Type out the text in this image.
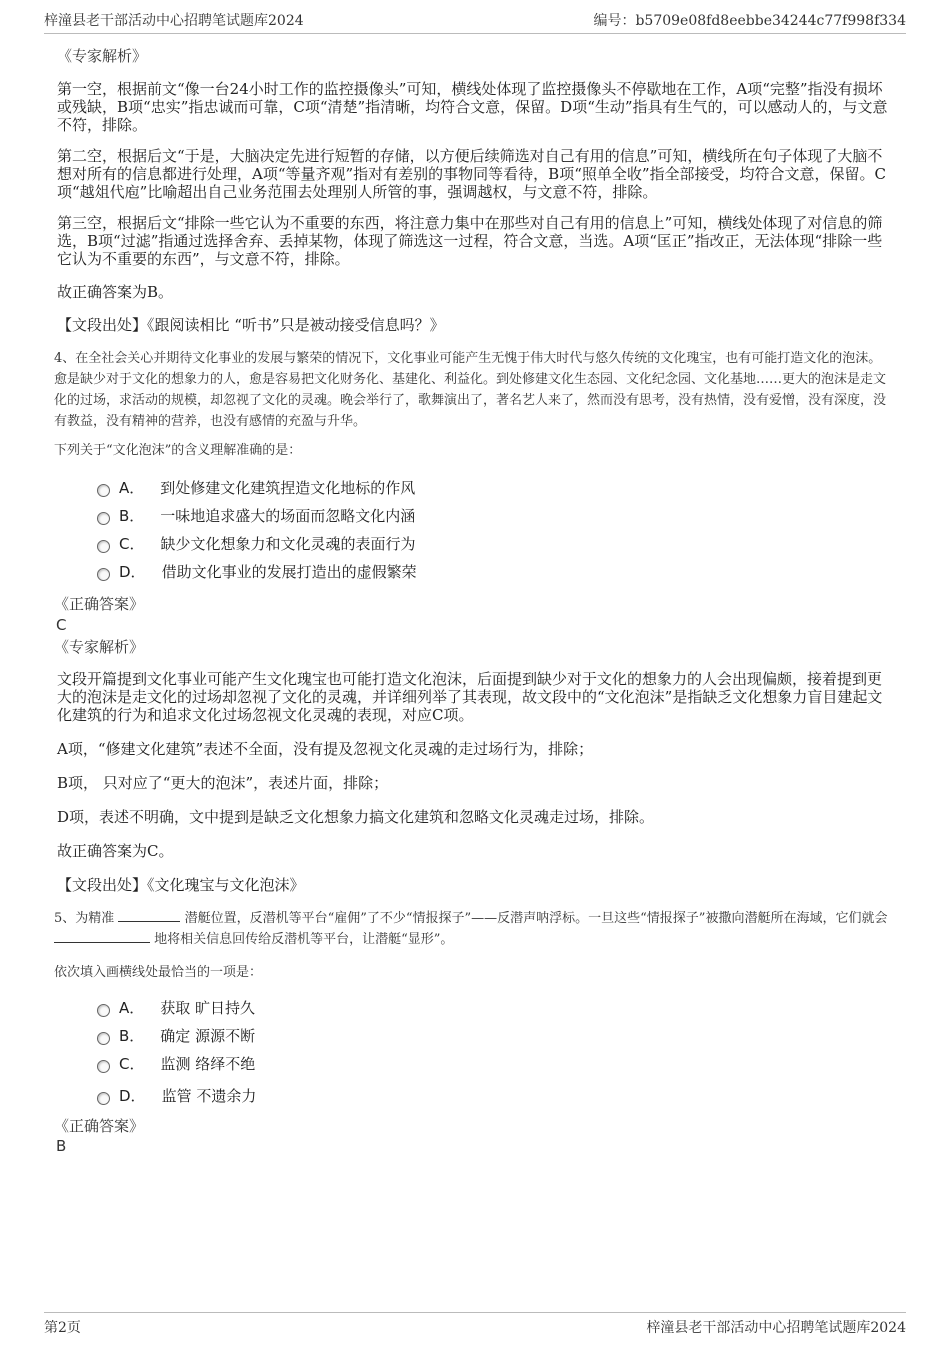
梓潼县老干部活动中心招聘笔试题库2024	编号：b5709e08fd8eebbe34244c77f998f334
《专家解析》

第一空，根据前文“像一台24小时工作的监控摄像头”可知，横线处体现了监控摄像头不停歇地在工作，A项“完整”指没有损坏或残缺，B项“忠实”指忠诚而可靠，C项“清楚”指清晰，均符合文意，保留。D项“生动”指具有生气的，可以感动人的，与文意不符，排除。

第二空，根据后文“于是，大脑决定先进行短暂的存储，以方便后续筛选对自己有用的信息”可知，横线所在句子体现了大脑不想对所有的信息都进行处理，A项“等量齐观”指对有差别的事物同等看待，B项“照单全收”指全部接受，均符合文意，保留。C项“越俎代庖”比喻超出自己业务范围去处理别人所管的事，强调越权，与文意不符，排除。

第三空，根据后文“排除一些它认为不重要的东西，将注意力集中在那些对自己有用的信息上”可知，横线处体现了对信息的筛选，B项“过滤”指通过选择舍弃、丢掉某物，体现了筛选这一过程，符合文意，当选。A项“匡正”指改正，无法体现“排除一些它认为不重要的东西”，与文意不符，排除。

故正确答案为B。

【文段出处】《跟阅读相比 “听书”只是被动接受信息吗？》

4、在全社会关心并期待文化事业的发展与繁荣的情况下，文化事业可能产生无愧于伟大时代与悠久传统的文化瑰宝，也有可能打造文化的泡沫。愈是缺少对于文化的想象力的人，愈是容易把文化财务化、基建化、利益化。到处修建文化生态园、文化纪念园、文化基地……更大的泡沫是走文化的过场，求活动的规模，却忽视了文化的灵魂。晚会举行了，歌舞演出了，著名艺人来了，然而没有思考，没有热情，没有爱憎，没有深度，没有教益，没有精神的营养，也没有感情的充盈与升华。
下列关于“文化泡沫”的含义理解准确的是：
A． 到处修建文化建筑捏造文化地标的作风
B． 一味地追求盛大的场面而忽略文化内涵
C． 缺少文化想象力和文化灵魂的表面行为
D． 借助文化事业的发展打造出的虚假繁荣
《正确答案》
C
《专家解析》

文段开篇提到文化事业可能产生文化瑰宝也可能打造文化泡沫，后面提到缺少对于文化的想象力的人会出现偏颇，接着提到更大的泡沫是走文化的过场却忽视了文化的灵魂，并详细列举了其表现，故文段中的“文化泡沫”是指缺乏文化想象力盲目建起文化建筑的行为和追求文化过场忽视文化灵魂的表现，对应C项。

A项，“修建文化建筑”表述不全面，没有提及忽视文化灵魂的走过场行为，排除；

B项， 只对应了“更大的泡沫”，表述片面，排除；

D项，表述不明确，文中提到是缺乏文化想象力搞文化建筑和忽略文化灵魂走过场，排除。

故正确答案为C。

【文段出处】《文化瑰宝与文化泡沫》

5、为精准	潜艇位置，反潜机等平台“雇佣”了不少“情报探子”——反潜声呐浮标。一旦这些“情报探子”被撒向潜艇所在海域，它们就会  地将相关信息回传给反潜机等平台，让潜艇“显形”。
依次填入画横线处最恰当的一项是：
A． 获取 旷日持久
B． 确定 源源不断
C． 监测 络绎不绝
D． 监管 不遗余力
《正确答案》
B
第2页	梓潼县老干部活动中心招聘笔试题库2024
